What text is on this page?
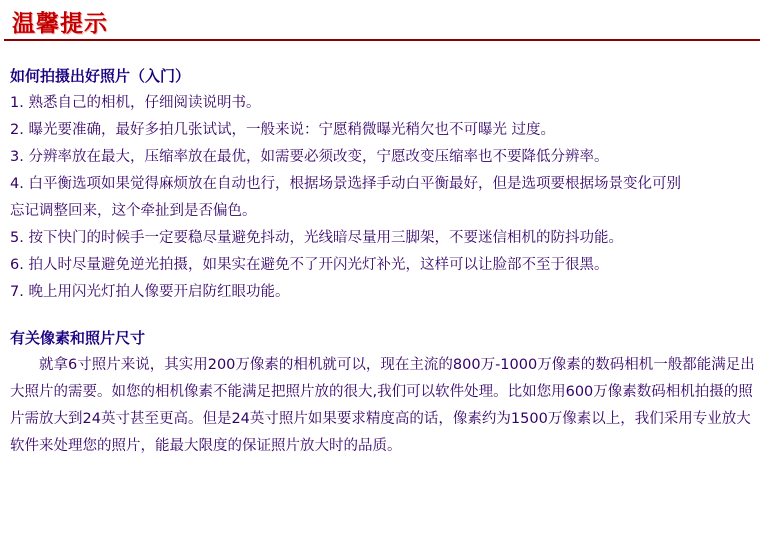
温馨提示

如何拍摄出好照片（入门）

1. 熟悉自己的相机，仔细阅读说明书。

2. 曝光要准确，最好多拍几张试试，一般来说：宁愿稍微曝光稍欠也不可曝光 过度。

3. 分辨率放在最大，压缩率放在最优，如需要必须改变，宁愿改变压缩率也不要降低分辨率。

4. 白平衡选项如果觉得麻烦放在自动也行，根据场景选择手动白平衡最好，但是选项要根据场景变化可别

忘记调整回来，这个牵扯到是否偏色。

5. 按下快门的时候手一定要稳尽量避免抖动，光线暗尽量用三脚架，不要迷信相机的防抖功能。

6. 拍人时尽量避免逆光拍摄，如果实在避免不了开闪光灯补光，这样可以让脸部不至于很黑。

7. 晚上用闪光灯拍人像要开启防红眼功能。

有关像素和照片尺寸

就拿6寸照片来说，其实用200万像素的相机就可以，现在主流的800万-1000万像素的数码相机一般都能满足出大照片的需要。如您的相机像素不能满足把照片放的很大,我们可以软件处理。比如您用600万像素数码相机拍摄的照片需放大到24英寸甚至更高。但是24英寸照片如果要求精度高的话，像素约为1500万像素以上，我们采用专业放大软件来处理您的照片，能最大限度的保证照片放大时的品质。
